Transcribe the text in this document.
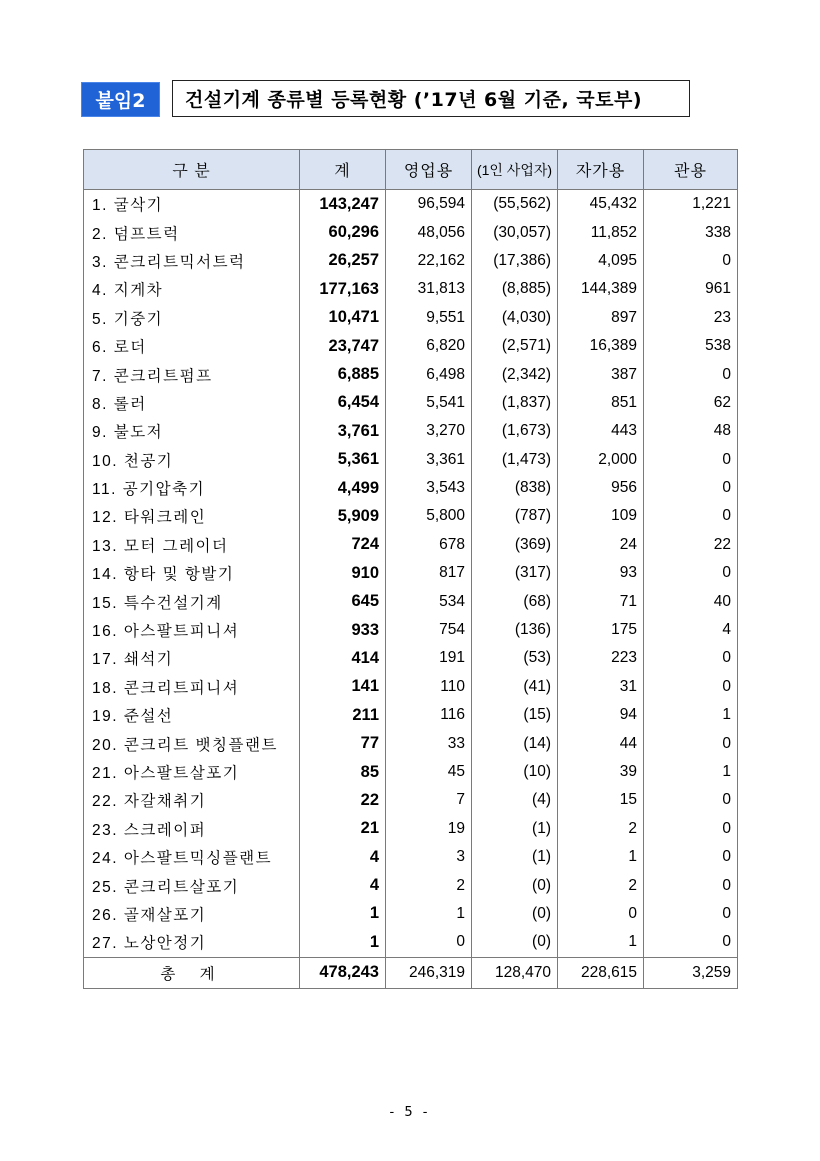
붙임2	건설기계 종류별 등록현황 (’17년 6월 기준, 국토부)
구 분	계	영업용	(1인 사업자)	자가용	관용
1. 굴삭기	143,247	96,594	(55,562)	45,432	1,221
2. 덤프트럭	60,296	48,056	(30,057)	11,852	338
3. 콘크리트믹서트럭	26,257	22,162	(17,386)	4,095	0
4. 지게차	177,163	31,813	(8,885)	144,389	961
5. 기중기	10,471	9,551	(4,030)	897	23
6. 로더	23,747	6,820	(2,571)	16,389	538
7. 콘크리트펌프	6,885	6,498	(2,342)	387	0
8. 롤러	6,454	5,541	(1,837)	851	62
9. 불도저	3,761	3,270	(1,673)	443	48
10. 천공기	5,361	3,361	(1,473)	2,000	0
11. 공기압축기	4,499	3,543	(838)	956	0
12. 타워크레인	5,909	5,800	(787)	109	0
13. 모터 그레이더	724	678	(369)	24	22
14. 항타 및 항발기	910	817	(317)	93	0
15. 특수건설기계	645	534	(68)	71	40
16. 아스팔트피니셔	933	754	(136)	175	4
17. 쇄석기	414	191	(53)	223	0
18. 콘크리트피니셔	141	110	(41)	31	0
19. 준설선	211	116	(15)	94	1
20. 콘크리트 뱃칭플랜트	77	33	(14)	44	0
21. 아스팔트살포기	85	45	(10)	39	1
22. 자갈채취기	22	7	(4)	15	0
23. 스크레이퍼	21	19	(1)	2	0
24. 아스팔트믹싱플랜트	4	3	(1)	1	0
25. 콘크리트살포기	4	2	(0)	2	0
26. 골재살포기	1	1	(0)	0	0
27. 노상안정기	1	0	(0)	1	0
총 계	478,243	246,319	128,470	228,615	3,259
- 5 -
